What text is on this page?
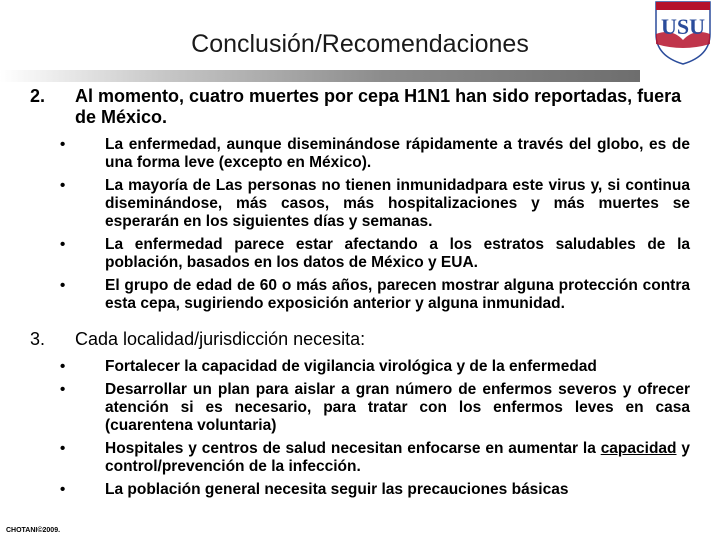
Conclusión/Recomendaciones
USU
2.	Al momento, cuatro muertes por cepa H1N1 han sido reportadas, fuera de México.
•	La enfermedad, aunque diseminándose rápidamente a través del globo, es de una forma leve (excepto en México).
•	La mayoría de Las personas no tienen inmunidadpara este virus y, si continua diseminándose, más casos, más hospitalizaciones y más muertes se esperarán en los siguientes días y semanas.
•	La enfermedad parece estar afectando a los estratos saludables de la población, basados en los datos de México y EUA.
•	El grupo de edad de 60 o más años, parecen mostrar alguna protección contra esta cepa, sugiriendo exposición anterior y alguna inmunidad.
3.	Cada localidad/jurisdicción necesita:
•	Fortalecer la capacidad de vigilancia virológica y de la enfermedad
•	Desarrollar un plan para aislar a gran número de enfermos severos y ofrecer atención si es necesario, para tratar con los enfermos leves en casa (cuarentena voluntaria)
•	Hospitales y centros de salud necesitan enfocarse en aumentar la capacidad y control/prevención de la infección.
•	La población general necesita seguir las precauciones básicas
CHOTANI©2009.
